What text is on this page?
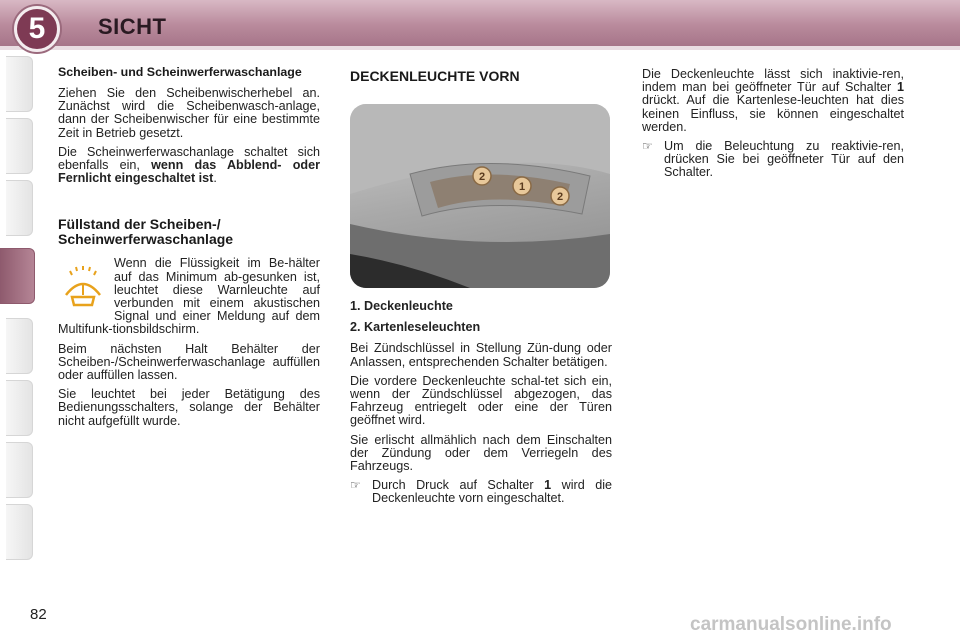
5	SICHT
Scheiben- und Scheinwerferwaschanlage

Ziehen Sie den Scheibenwischerhebel an. Zunächst wird die Scheibenwasch-anlage, dann der Scheibenwischer für eine bestimmte Zeit in Betrieb gesetzt.

Die Scheinwerferwaschanlage schaltet sich ebenfalls ein, wenn das Abblend- oder Fernlicht eingeschaltet ist.

Füllstand der Scheiben-/ Scheinwerferwaschanlage

Wenn die Flüssigkeit im Be-hälter auf das Minimum ab-gesunken ist, leuchtet diese Warnleuchte auf verbunden mit einem akustischen Signal und einer Meldung auf dem Multifunk-tionsbildschirm.

Beim nächsten Halt Behälter der Scheiben-/Scheinwerferwaschanlage auffüllen oder auffüllen lassen.

Sie leuchtet bei jeder Betätigung des Bedienungsschalters, solange der Behälter nicht aufgefüllt wurde.

DECKENLEUCHTE VORN
2
1
2
1. Deckenleuchte
2. Kartenleseleuchten

Bei Zündschlüssel in Stellung Zün-dung oder Anlassen, entsprechenden Schalter betätigen.

Die vordere Deckenleuchte schal-tet sich ein, wenn der Zündschlüssel abgezogen, das Fahrzeug entriegelt oder eine der Türen geöffnet wird.

Sie erlischt allmählich nach dem Einschalten der Zündung oder dem Verriegeln des Fahrzeugs.

☞ Durch Druck auf Schalter 1 wird die Deckenleuchte vorn eingeschaltet.

Die Deckenleuchte lässt sich inaktivie-ren, indem man bei geöffneter Tür auf Schalter 1 drückt. Auf die Kartenlese-leuchten hat dies keinen Einfluss, sie können eingeschaltet werden.

☞ Um die Beleuchtung zu reaktivie-ren, drücken Sie bei geöffneter Tür auf den Schalter.
82	carmanualsonline.info
